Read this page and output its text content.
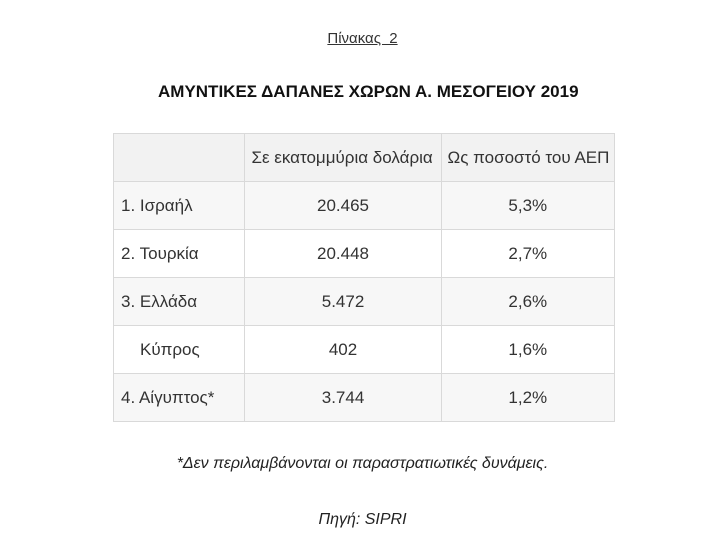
Πίνακας  2
ΑΜΥΝΤΙΚΕΣ ΔΑΠΑΝΕΣ ΧΩΡΩΝ Α. ΜΕΣΟΓΕΙΟΥ 2019
	Σε εκατομμύρια δολάρια	Ως ποσοστό του ΑΕΠ
1. Ισραήλ	20.465	5,3%
2. Τουρκία	20.448	2,7%
3. Ελλάδα	5.472	2,6%
Κύπρος	402	1,6%
4. Αίγυπτος*	3.744	1,2%
*Δεν περιλαμβάνονται οι παραστρατιωτικές δυνάμεις.
Πηγή: SIPRI
